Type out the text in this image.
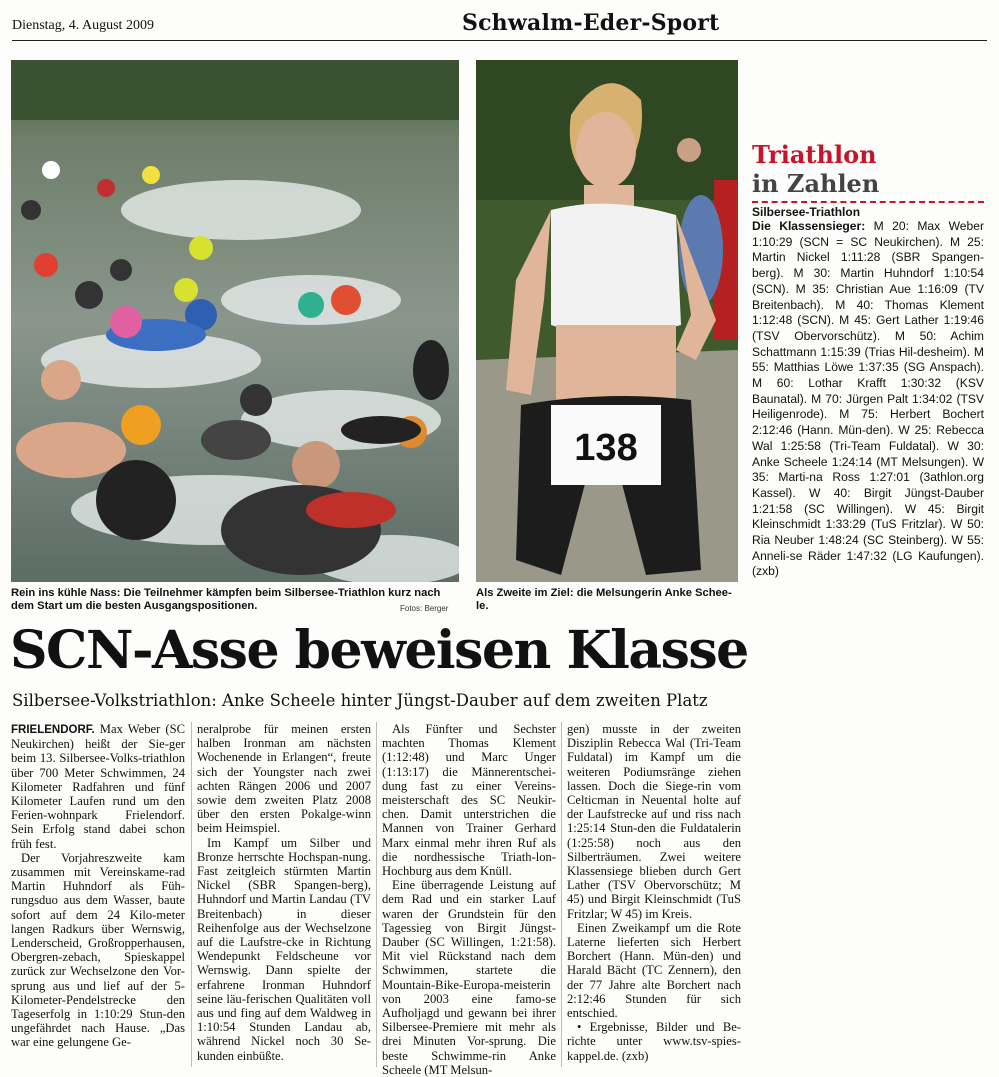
Dienstag, 4. August 2009	Schwalm-Eder-Sport
138
Rein ins kühle Nass: Die Teilnehmer kämpfen beim Silbersee-Triathlon kurz nach dem Start um die besten Ausgangspositionen.	Fotos: Berger
Als Zweite im Ziel: die Melsungerin Anke Schee-le.
Triathlon
in Zahlen
Silbersee-Triathlon
Die Klassensieger: M 20: Max Weber 1:10:29 (SCN = SC Neukirchen). M 25: Martin Nickel 1:11:28 (SBR Spangen-berg). M 30: Martin Huhndorf 1:10:54 (SCN). M 35: Christian Aue 1:16:09 (TV Breitenbach). M 40: Thomas Klement 1:12:48 (SCN). M 45: Gert Lather 1:19:46 (TSV Obervorschütz). M 50: Achim Schattmann 1:15:39 (Trias Hil-desheim). M 55: Matthias Löwe 1:37:35 (SG Anspach). M 60: Lothar Krafft 1:30:32 (KSV Baunatal). M 70: Jürgen Palt 1:34:02 (TSV Heiligenrode). M 75: Herbert Bochert 2:12:46 (Hann. Mün-den). W 25: Rebecca Wal 1:25:58 (Tri-Team Fuldatal). W 30: Anke Scheele 1:24:14 (MT Melsungen). W 35: Marti-na Ross 1:27:01 (3athlon.org Kassel). W 40: Birgit Jüngst-Dauber 1:21:58 (SC Willingen). W 45: Birgit Kleinschmidt 1:33:29 (TuS Fritzlar). W 50: Ria Neuber 1:48:24 (SC Steinberg). W 55: Anneli-se Räder 1:47:32 (LG Kaufungen). (zxb)
SCN-Asse beweisen Klasse
Silbersee-Volkstriathlon: Anke Scheele hinter Jüngst-Dauber auf dem zweiten Platz

FRIELENDORF. Max Weber (SC Neukirchen) heißt der Sie-ger beim 13. Silbersee-Volks-triathlon über 700 Meter Schwimmen, 24 Kilometer Radfahren und fünf Kilometer Laufen rund um den Ferien-wohnpark Frielendorf. Sein Erfolg stand dabei schon früh fest.

Der Vorjahreszweite kam zusammen mit Vereinskame-rad Martin Huhndorf als Füh-rungsduo aus dem Wasser, baute sofort auf dem 24 Kilo-meter langen Radkurs über Wernswig, Lenderscheid, Großropperhausen, Obergren-zebach, Spieskappel zurück zur Wechselzone den Vor-sprung aus und lief auf der 5-Kilometer-Pendelstrecke den Tageserfolg in 1:10:29 Stun-den ungefährdet nach Hause. „Das war eine gelungene Ge-

neralprobe für meinen ersten halben Ironman am nächsten Wochenende in Erlangen“, freute sich der Youngster nach zwei achten Rängen 2006 und 2007 sowie dem zweiten Platz 2008 über den ersten Pokalge-winn beim Heimspiel.

Im Kampf um Silber und Bronze herrschte Hochspan-nung. Fast zeitgleich stürmten Martin Nickel (SBR Spangen-berg), Huhndorf und Martin Landau (TV Breitenbach) in dieser Reihenfolge aus der Wechselzone auf die Laufstre-cke in Richtung Wendepunkt Feldscheune vor Wernswig. Dann spielte der erfahrene Ironman Huhndorf seine läu-ferischen Qualitäten voll aus und fing auf dem Waldweg in 1:10:54 Stunden Landau ab, während Nickel noch 30 Se-kunden einbüßte.

Als Fünfter und Sechster machten Thomas Klement (1:12:48) und Marc Unger (1:13:17) die Männerentschei-dung fast zu einer Vereins-meisterschaft des SC Neukir-chen. Damit unterstrichen die Mannen von Trainer Gerhard Marx einmal mehr ihren Ruf als die nordhessische Triath-lon-Hochburg aus dem Knüll.

Eine überragende Leistung auf dem Rad und ein starker Lauf waren der Grundstein für den Tagessieg von Birgit Jüngst-Dauber (SC Willingen, 1:21:58). Mit viel Rückstand nach dem Schwimmen, startete die Mountain-Bike-Europa-meisterin von 2003 eine famo-se Aufholjagd und gewann bei ihrer Silbersee-Premiere mit mehr als drei Minuten Vor-sprung. Die beste Schwimme-rin Anke Scheele (MT Melsun-

gen) musste in der zweiten Disziplin Rebecca Wal (Tri-Team Fuldatal) im Kampf um die weiteren Podiumsränge ziehen lassen. Doch die Siege-rin vom Celticman in Neuental holte auf der Laufstrecke auf und riss nach 1:25:14 Stun-den die Fuldatalerin (1:25:58) noch aus den Silberträumen. Zwei weitere Klassensiege blieben durch Gert Lather (TSV Obervorschütz; M 45) und Birgit Kleinschmidt (TuS Fritzlar; W 45) im Kreis.

Einen Zweikampf um die Rote Laterne lieferten sich Herbert Borchert (Hann. Mün-den) und Harald Bächt (TC Zennern), den der 77 Jahre alte Borchert nach 2:12:46 Stunden für sich entschied.

• Ergebnisse, Bilder und Be-richte unter www.tsv-spies-kappel.de. (zxb)
